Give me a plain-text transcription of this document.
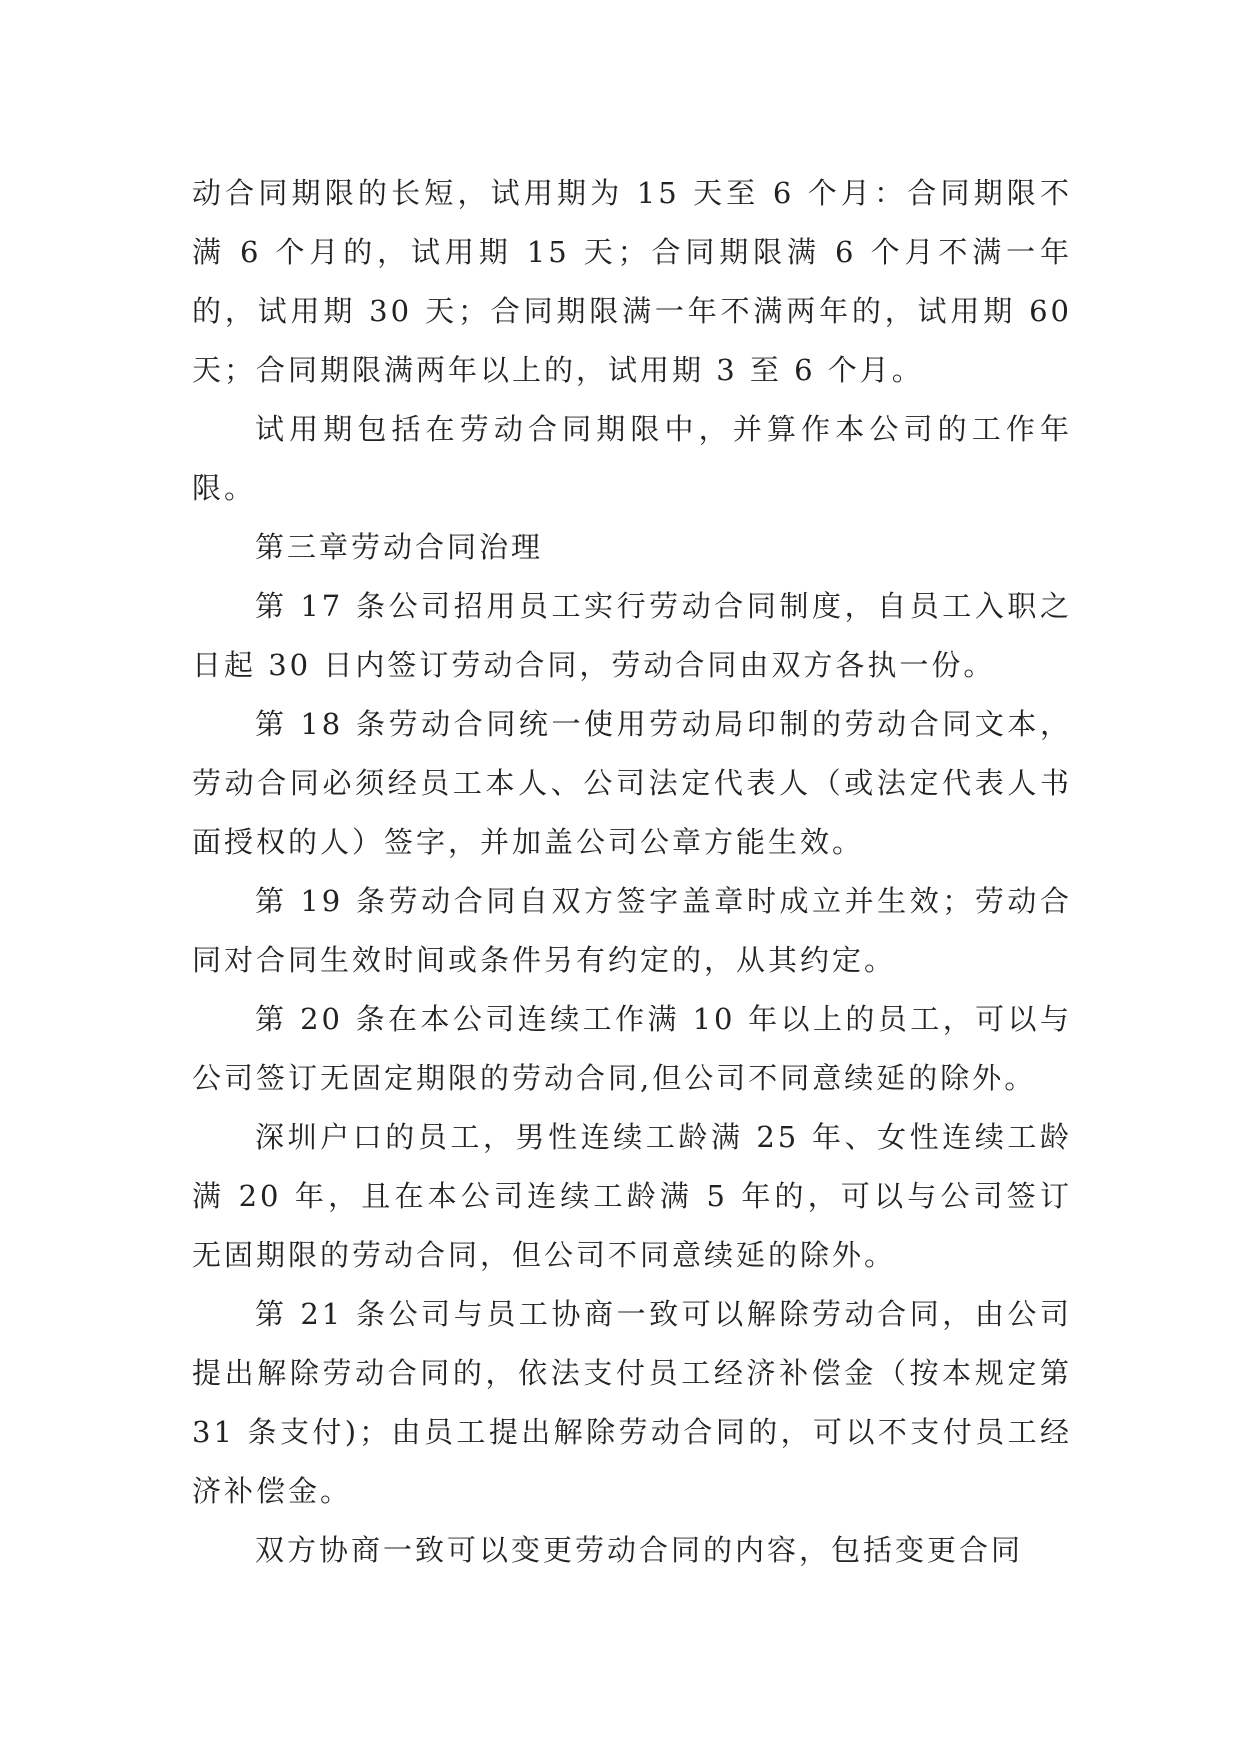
动合同期限的长短，试用期为 15 天至 6 个月：合同期限不满 6 个月的，试用期 15 天；合同期限满 6 个月不满一年的，试用期 30 天；合同期限满一年不满两年的，试用期 60 天；合同期限满两年以上的，试用期 3 至 6 个月。

试用期包括在劳动合同期限中，并算作本公司的工作年限。

第三章劳动合同治理

第 17 条公司招用员工实行劳动合同制度，自员工入职之日起 30 日内签订劳动合同，劳动合同由双方各执一份。

第 18 条劳动合同统一使用劳动局印制的劳动合同文本，劳动合同必须经员工本人、公司法定代表人（或法定代表人书面授权的人）签字，并加盖公司公章方能生效。

第 19 条劳动合同自双方签字盖章时成立并生效；劳动合同对合同生效时间或条件另有约定的，从其约定。

第 20 条在本公司连续工作满 10 年以上的员工，可以与公司签订无固定期限的劳动合同,但公司不同意续延的除外。

深圳户口的员工，男性连续工龄满 25 年、女性连续工龄满 20 年，且在本公司连续工龄满 5 年的，可以与公司签订无固期限的劳动合同，但公司不同意续延的除外。

第 21 条公司与员工协商一致可以解除劳动合同，由公司提出解除劳动合同的，依法支付员工经济补偿金（按本规定第 31 条支付)；由员工提出解除劳动合同的，可以不支付员工经济补偿金。

双方协商一致可以变更劳动合同的内容，包括变更合同
